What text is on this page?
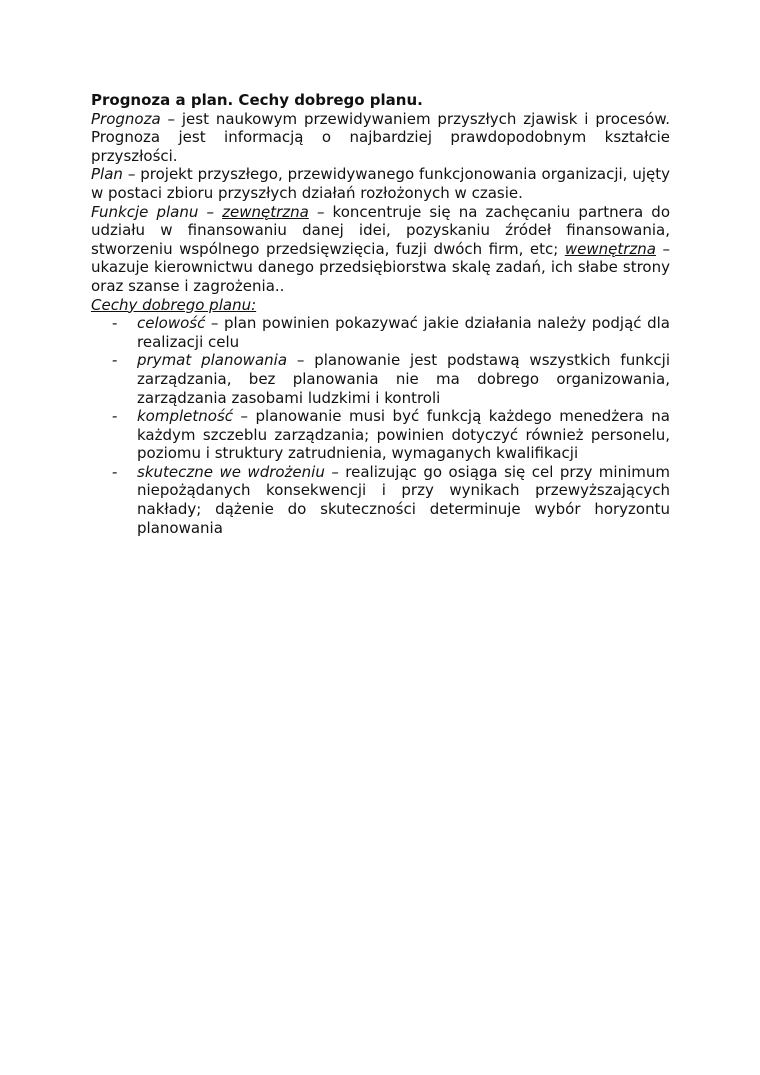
Prognoza a plan. Cechy dobrego planu.

Prognoza – jest naukowym przewidywaniem przyszłych zjawisk i procesów. Prognoza jest informacją o najbardziej prawdopodobnym kształcie przyszłości.

Plan – projekt przyszłego, przewidywanego funkcjonowania organizacji, ujęty w postaci zbioru przyszłych działań rozłożonych w czasie.

Funkcje planu – zewnętrzna – koncentruje się na zachęcaniu partnera do udziału w finansowaniu danej idei, pozyskaniu źródeł finansowania, stworzeniu wspólnego przedsięwzięcia, fuzji dwóch firm, etc; wewnętrzna – ukazuje kierownictwu danego przedsiębiorstwa skalę zadań, ich słabe strony oraz szanse i zagrożenia..

Cechy dobrego planu:

- celowość – plan powinien pokazywać jakie działania należy podjąć dla realizacji celu
- prymat planowania – planowanie jest podstawą wszystkich funkcji zarządzania, bez planowania nie ma dobrego organizowania, zarządzania zasobami ludzkimi i kontroli
- kompletność – planowanie musi być funkcją każdego menedżera na każdym szczeblu zarządzania; powinien dotyczyć również personelu, poziomu i struktury zatrudnienia, wymaganych kwalifikacji
- skuteczne we wdrożeniu – realizując go osiąga się cel przy minimum niepożądanych konsekwencji i przy wynikach przewyższających nakłady; dążenie do skuteczności determinuje wybór horyzontu planowania
